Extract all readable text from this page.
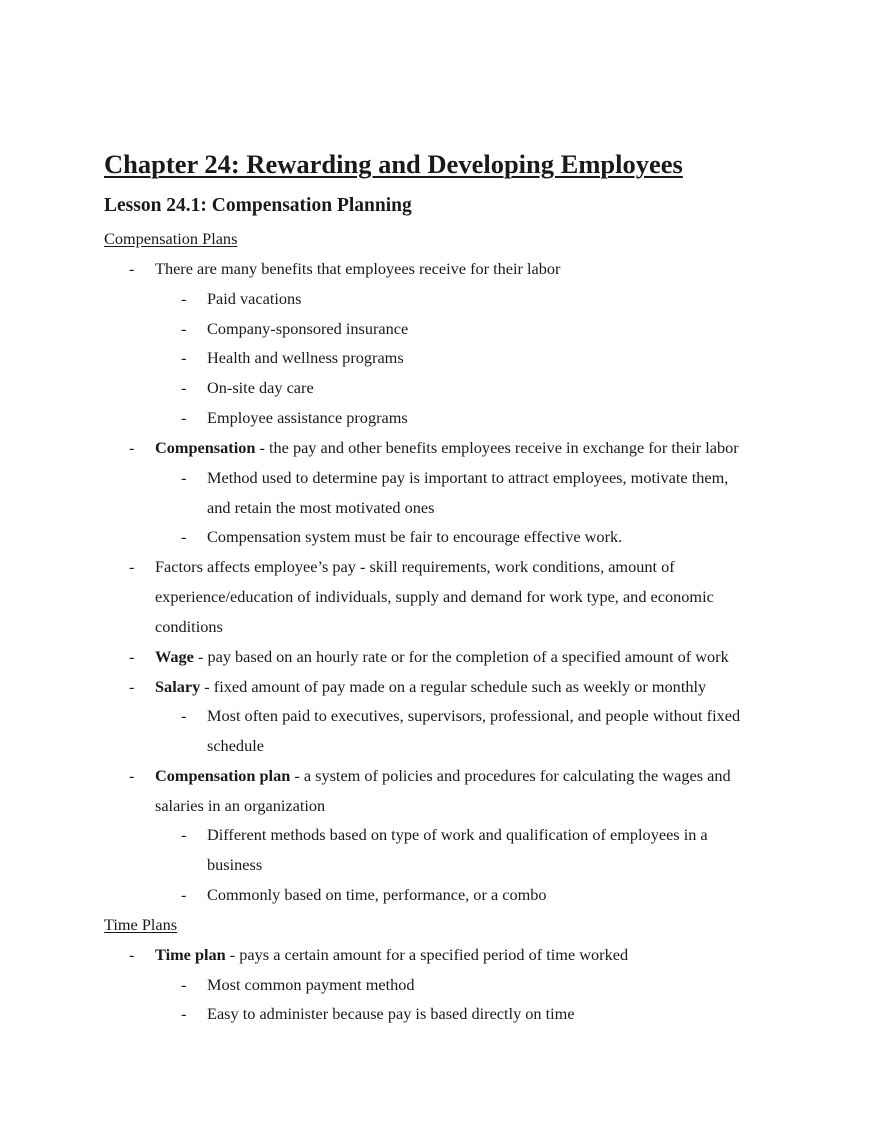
Chapter 24: Rewarding and Developing Employees
Lesson 24.1: Compensation Planning

Compensation Plans

- There are many benefits that employees receive for their labor

- Paid vacations

- Company-sponsored insurance

- Health and wellness programs

- On-site day care

- Employee assistance programs

- Compensation - the pay and other benefits employees receive in exchange for their labor

- Method used to determine pay is important to attract employees, motivate them,

and retain the most motivated ones

- Compensation system must be fair to encourage effective work.

- Factors affects employee’s pay - skill requirements, work conditions, amount of

experience/education of individuals, supply and demand for work type, and economic

conditions

- Wage - pay based on an hourly rate or for the completion of a specified amount of work

- Salary - fixed amount of pay made on a regular schedule such as weekly or monthly

- Most often paid to executives, supervisors, professional, and people without fixed

schedule

- Compensation plan - a system of policies and procedures for calculating the wages and

salaries in an organization

- Different methods based on type of work and qualification of employees in a

business

- Commonly based on time, performance, or a combo

Time Plans

- Time plan - pays a certain amount for a specified period of time worked

- Most common payment method

- Easy to administer because pay is based directly on time
